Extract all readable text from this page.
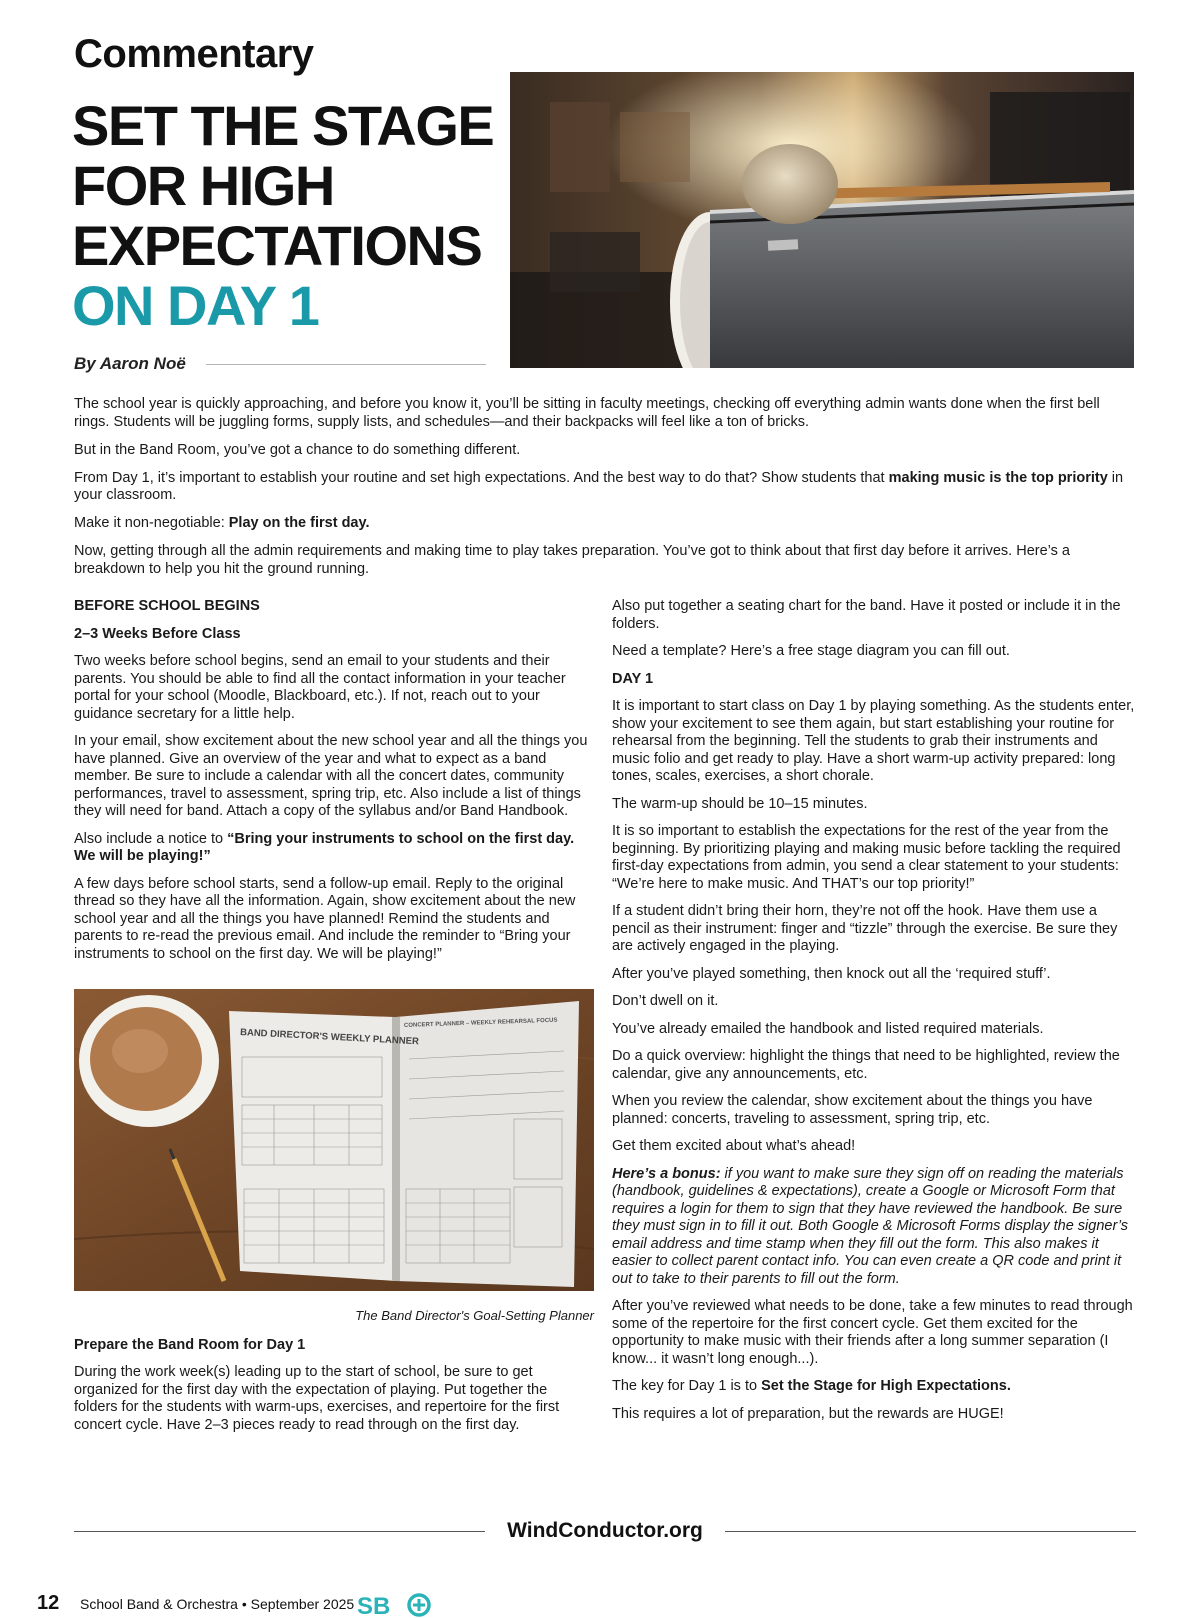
Commentary
SET THE STAGE
FOR HIGH
EXPECTATIONS
ON DAY 1
By Aaron Noë

The school year is quickly approaching, and before you know it, you’ll be sitting in faculty meetings, checking off everything admin wants done when the first bell rings. Students will be juggling forms, supply lists, and schedules—and their backpacks will feel like a ton of bricks.

But in the Band Room, you’ve got a chance to do something different.

From Day 1, it’s important to establish your routine and set high expectations. And the best way to do that? Show students that making music is the top priority in your classroom.

Make it non-negotiable: Play on the first day.

Now, getting through all the admin requirements and making time to play takes preparation. You’ve got to think about that first day before it arrives. Here’s a breakdown to help you hit the ground running.

BEFORE SCHOOL BEGINS
2–3 Weeks Before Class

Two weeks before school begins, send an email to your students and their parents. You should be able to find all the contact information in your teacher portal for your school (Moodle, Blackboard, etc.). If not, reach out to your guidance secretary for a little help.

In your email, show excitement about the new school year and all the things you have planned. Give an overview of the year and what to expect as a band member. Be sure to include a calendar with all the concert dates, community performances, travel to assessment, spring trip, etc. Also include a list of things they will need for band. Attach a copy of the syllabus and/or Band Handbook.

Also include a notice to “Bring your instruments to school on the first day. We will be playing!”

A few days before school starts, send a follow-up email. Reply to the original thread so they have all the information. Again, show excitement about the new school year and all the things you have planned! Remind the students and parents to re-read the previous email. And include the reminder to “Bring your instruments to school on the first day. We will be playing!”

BAND DIRECTOR'S WEEKLY PLANNER
CONCERT PLANNER – WEEKLY REHEARSAL FOCUS

The Band Director's Goal-Setting Planner

Prepare the Band Room for Day 1

During the work week(s) leading up to the start of school, be sure to get organized for the first day with the expectation of playing. Put together the folders for the students with warm-ups, exercises, and repertoire for the first concert cycle. Have 2–3 pieces ready to read through on the first day.

Also put together a seating chart for the band. Have it posted or include it in the folders.

Need a template? Here’s a free stage diagram you can fill out.

DAY 1

It is important to start class on Day 1 by playing something. As the students enter, show your excitement to see them again, but start establishing your routine for rehearsal from the beginning. Tell the students to grab their instruments and music folio and get ready to play. Have a short warm-up activity prepared: long tones, scales, exercises, a short chorale.

The warm-up should be 10–15 minutes.

It is so important to establish the expectations for the rest of the year from the beginning. By prioritizing playing and making music before tackling the required first-day expectations from admin, you send a clear statement to your students: “We’re here to make music. And THAT’s our top priority!”

If a student didn’t bring their horn, they’re not off the hook. Have them use a pencil as their instrument: finger and “tizzle” through the exercise. Be sure they are actively engaged in the playing.

After you’ve played something, then knock out all the ‘required stuff’.

Don’t dwell on it.

You’ve already emailed the handbook and listed required materials.

Do a quick overview: highlight the things that need to be highlighted, review the calendar, give any announcements, etc.

When you review the calendar, show excitement about the things you have planned: concerts, traveling to assessment, spring trip, etc.

Get them excited about what’s ahead!

Here’s a bonus: if you want to make sure they sign off on reading the materials (handbook, guidelines & expectations), create a Google or Microsoft Form that requires a login for them to sign that they have reviewed the handbook. Be sure they must sign in to fill it out. Both Google & Microsoft Forms display the signer’s email address and time stamp when they fill out the form. This also makes it easier to collect parent contact info. You can even create a QR code and print it out to take to their parents to fill out the form.

After you’ve reviewed what needs to be done, take a few minutes to read through some of the repertoire for the first concert cycle. Get them excited for the opportunity to make music with their friends after a long summer separation (I know... it wasn’t long enough...).

The key for Day 1 is to Set the Stage for High Expectations.

This requires a lot of preparation, but the rewards are HUGE!

WindConductor.org
12 School Band & Orchestra • September 2025 SB
